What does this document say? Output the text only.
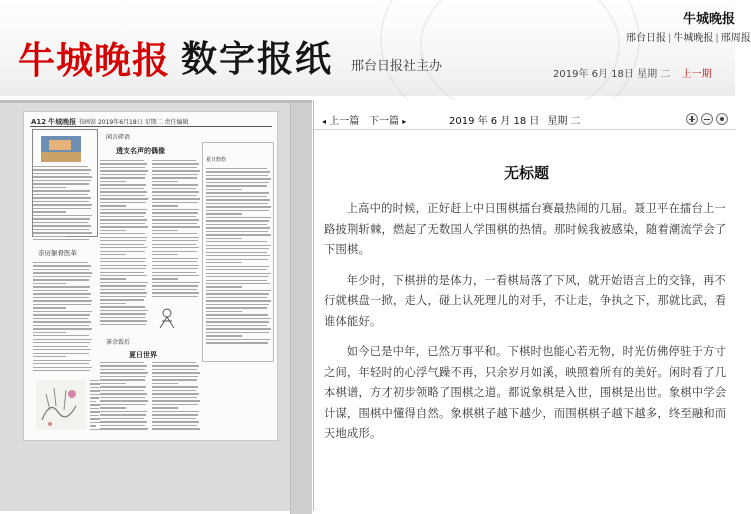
牛城晚报 数字报纸 邢台日报社主办
牛城晚报
邢台日报 | 牛城晚报 | 邢周报
2019年 6月 18日 星期 二 上一期
A12 牛城晚报 书画馆 2019年6月18日 星期二 责任编辑
闲言碎语
透支名声的偶像
亲历躯骨医革
茶余饭后
夏日世界
夏日悠悠
◂ 上一篇 下一篇 ▸	2019 年 6 月 18 日 星期 二
无标题

上高中的时候，正好赶上中日围棋擂台赛最热闹的几届。聂卫平在擂台上一路披荆斩棘，燃起了无数国人学围棋的热情。那时候我被感染，随着潮流学会了下围棋。

年少时，下棋拼的是体力，一看棋局落了下风，就开始语言上的交锋，再不行就棋盘一掀，走人，碰上认死理儿的对手，不让走，争执之下，那就比武，看谁体能好。

如今已是中年，已然万事平和。下棋时也能心若无物，时光仿佛停驻于方寸之间，年轻时的心浮气躁不再，只余岁月如溪，映照着所有的美好。闲时看了几本棋谱，方才初步领略了围棋之道。都说象棋是入世，围棋是出世。象棋中学会计谋，围棋中懂得自然。象棋棋子越下越少，而围棋棋子越下越多，终至融和而天地成形。
